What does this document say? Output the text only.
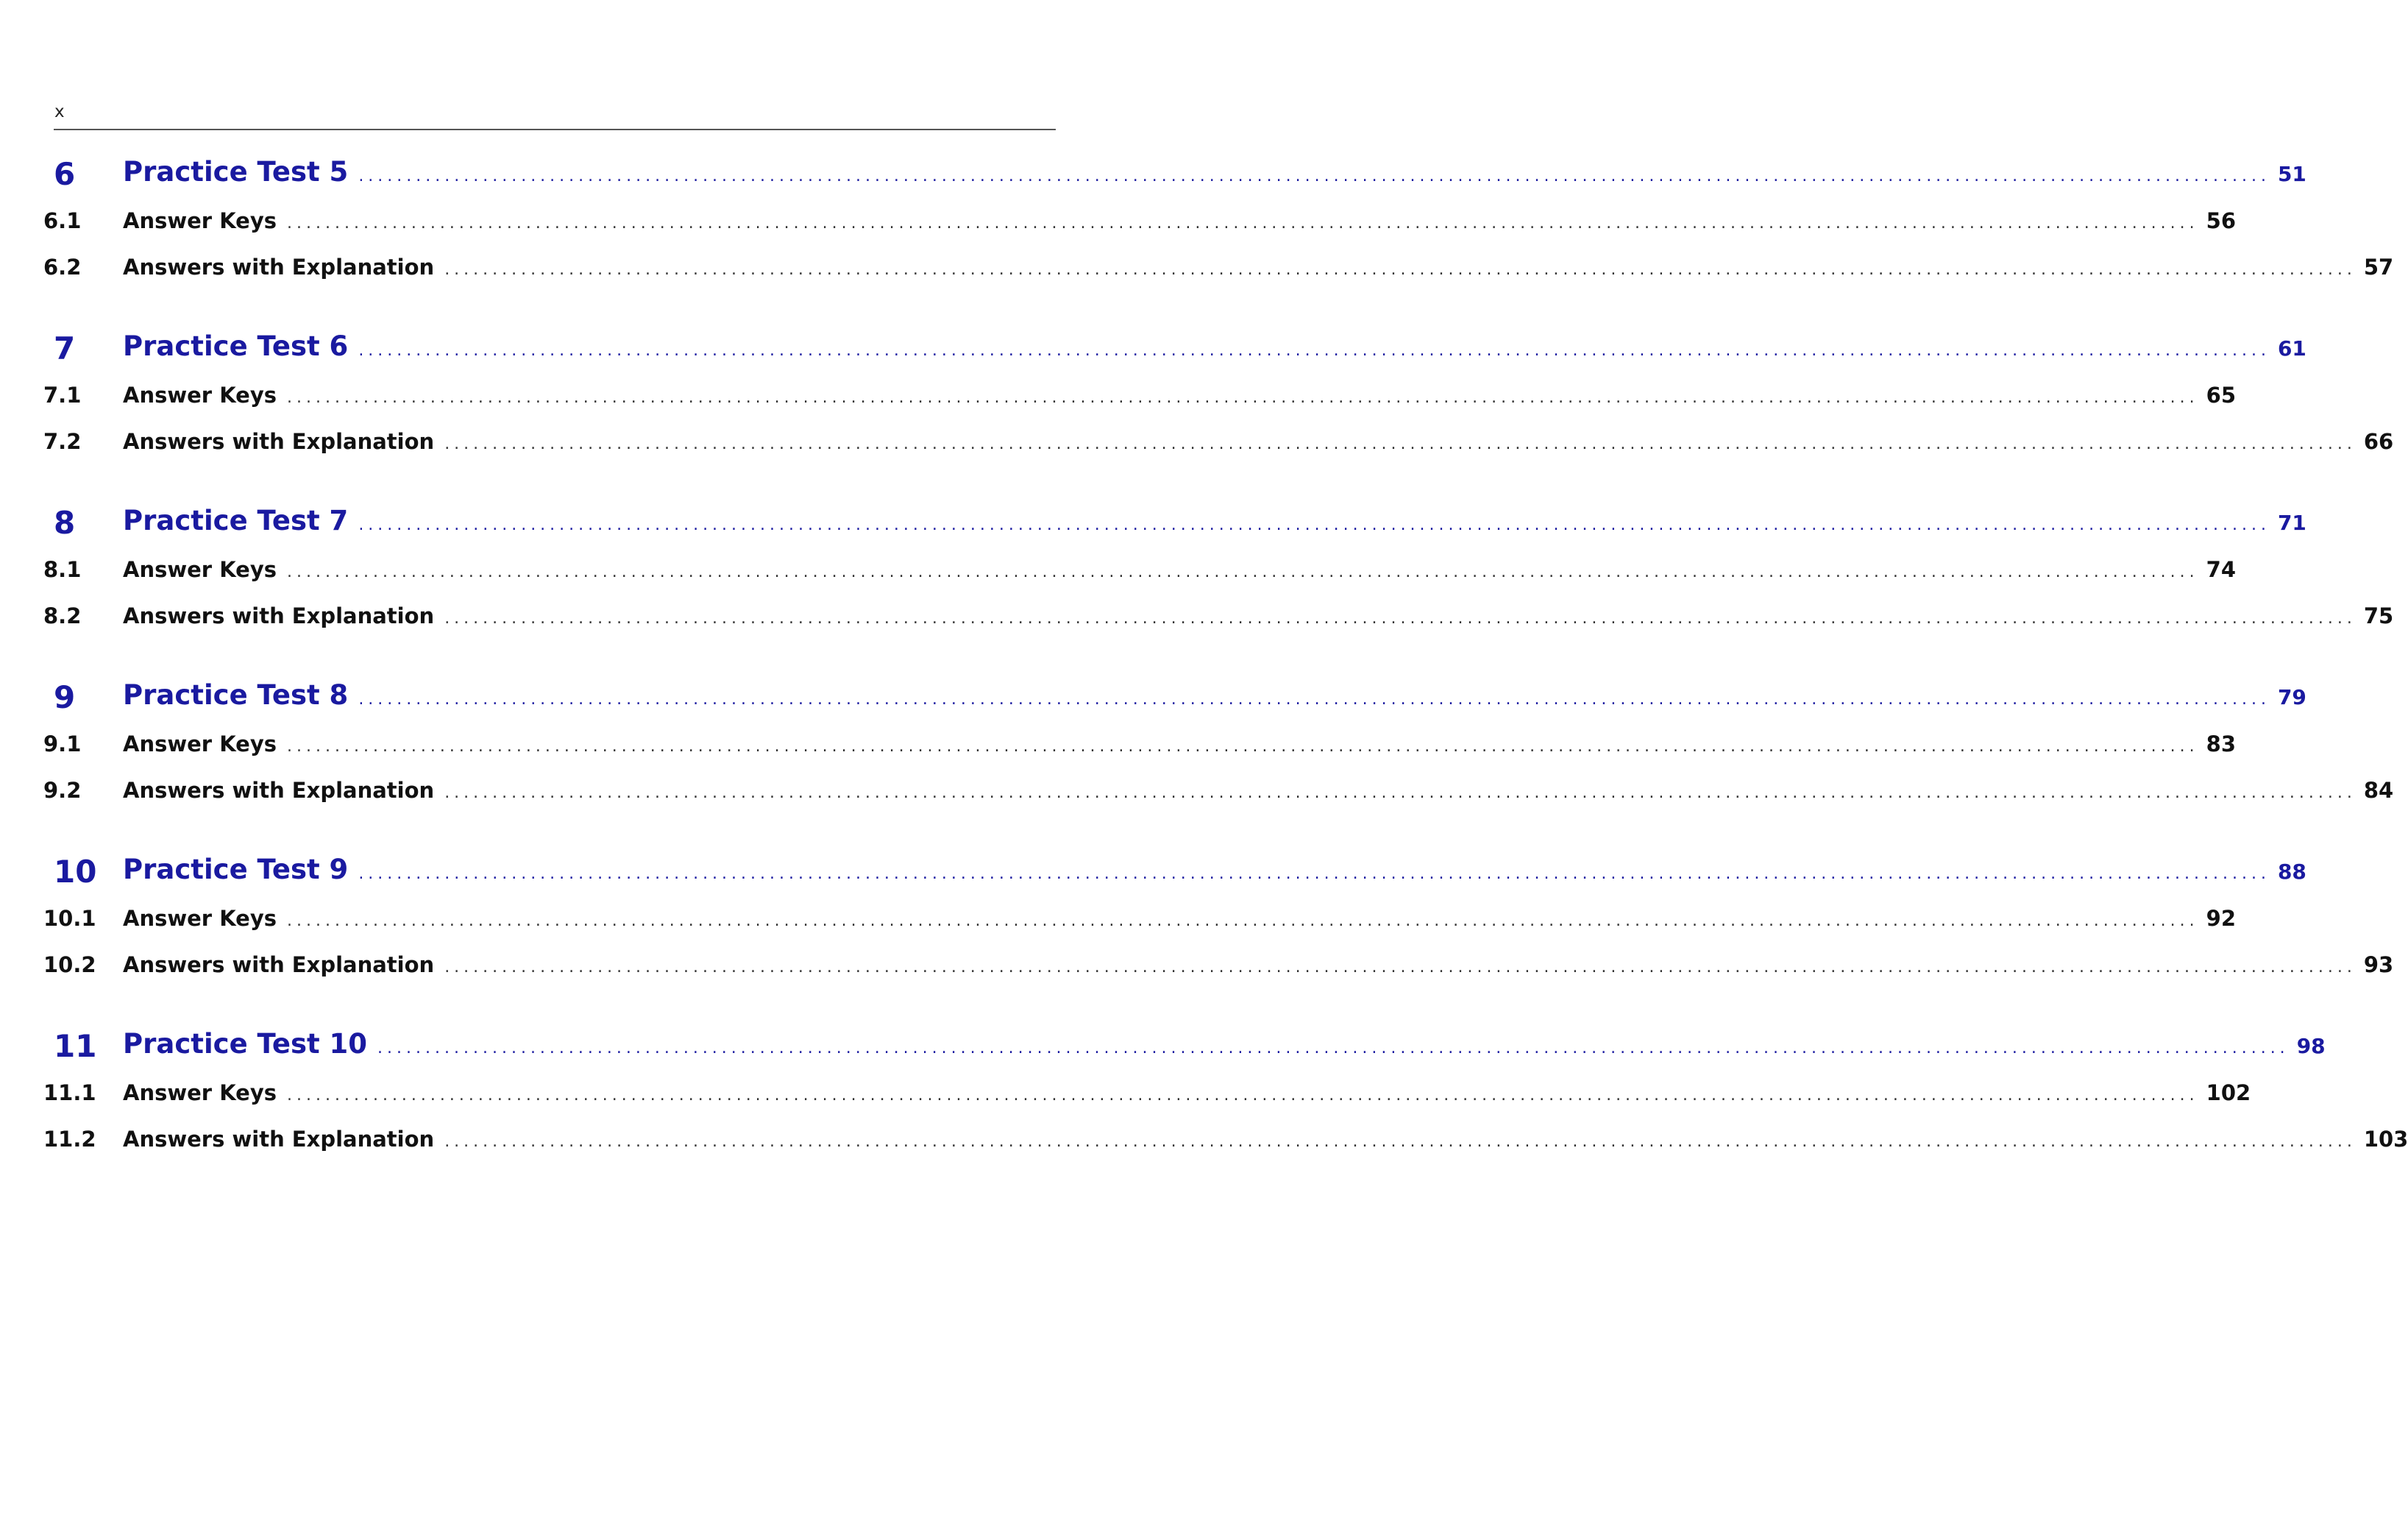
x
6 Practice Test 5 ........................................................................................................................................................................................................ 51
6.1 Answer Keys ........................................................................................................................................................................................................ 56
6.2 Answers with Explanation ........................................................................................................................................................................................................ 57
7 Practice Test 6 ........................................................................................................................................................................................................ 61
7.1 Answer Keys ........................................................................................................................................................................................................ 65
7.2 Answers with Explanation ........................................................................................................................................................................................................ 66
8 Practice Test 7 ........................................................................................................................................................................................................ 71
8.1 Answer Keys ........................................................................................................................................................................................................ 74
8.2 Answers with Explanation ........................................................................................................................................................................................................ 75
9 Practice Test 8 ........................................................................................................................................................................................................ 79
9.1 Answer Keys ........................................................................................................................................................................................................ 83
9.2 Answers with Explanation ........................................................................................................................................................................................................ 84
10 Practice Test 9 ........................................................................................................................................................................................................ 88
10.1 Answer Keys ........................................................................................................................................................................................................ 92
10.2 Answers with Explanation ........................................................................................................................................................................................................ 93
11 Practice Test 10 ........................................................................................................................................................................................................ 98
11.1 Answer Keys ........................................................................................................................................................................................................ 102
11.2 Answers with Explanation ........................................................................................................................................................................................................ 103
